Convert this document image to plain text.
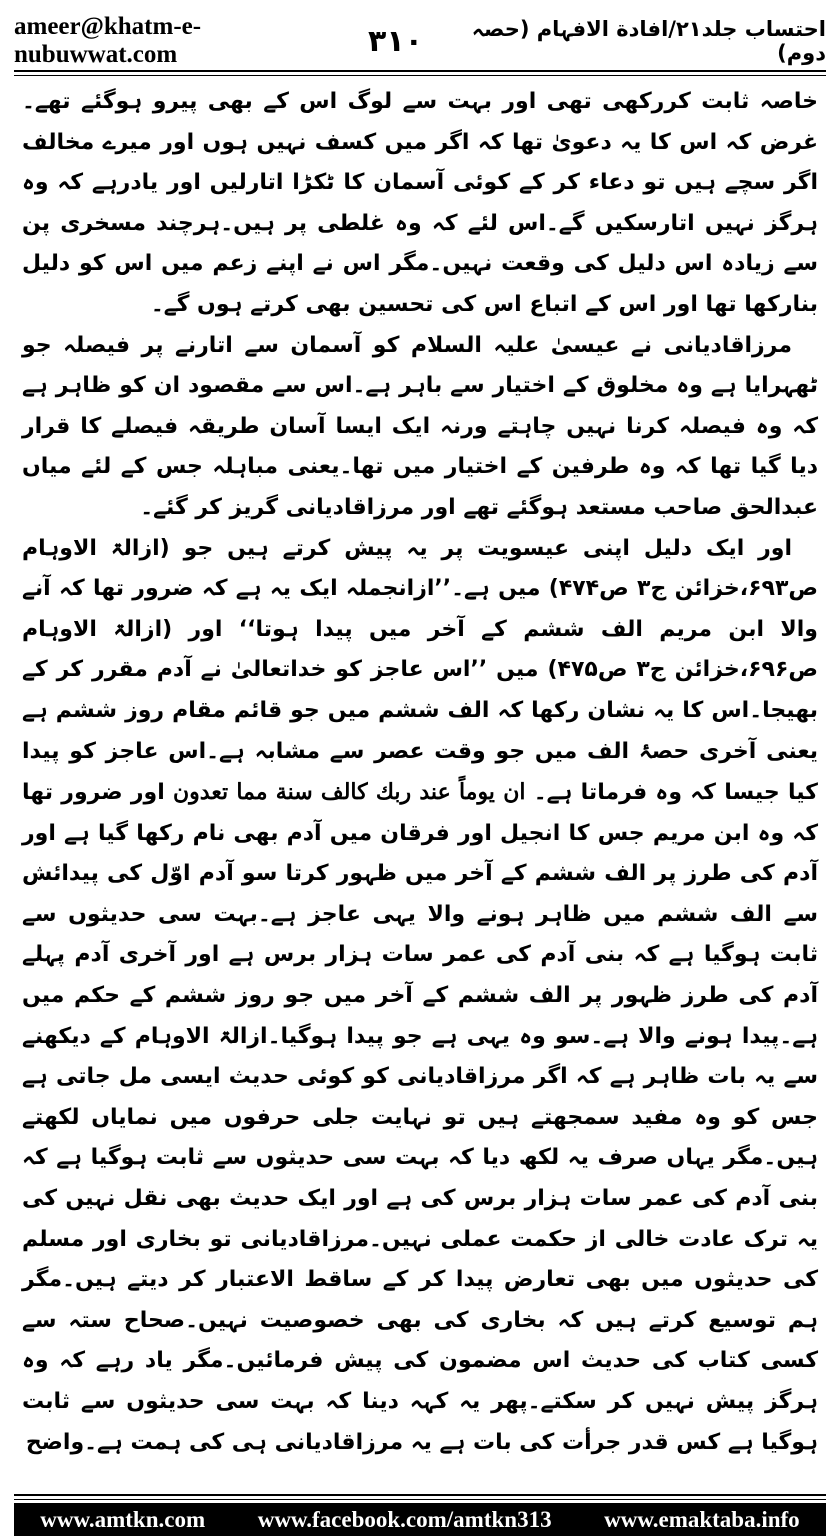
ameer@khatm-e-nubuwwat.com	۳۱۰	احتساب جلد۲۱/افادة الافہام (حصہ دوم)

خاصہ ثابت کررکھی تھی اور بہت سے لوگ اس کے بھی پیرو ہوگئے تھے۔غرض کہ اس کا یہ دعویٰ تھا کہ اگر میں کسف نہیں ہوں اور میرے مخالف اگر سچے ہیں تو دعاء کر کے کوئی آسمان کا ٹکڑا اتارلیں اور یادرہے کہ وہ ہرگز نہیں اتارسکیں گے۔اس لئے کہ وہ غلطی پر ہیں۔ہرچند مسخری پن سے زیادہ اس دلیل کی وقعت نہیں۔مگر اس نے اپنے زعم میں اس کو دلیل بنارکھا تھا اور اس کے اتباع اس کی تحسین بھی کرتے ہوں گے۔

مرزاقادیانی نے عیسیٰ علیہ السلام کو آسمان سے اتارنے پر فیصلہ جو ٹھہرایا ہے وہ مخلوق کے اختیار سے باہر ہے۔اس سے مقصود ان کو ظاہر ہے کہ وہ فیصلہ کرنا نہیں چاہتے ورنہ ایک ایسا آسان طریقہ فیصلے کا قرار دیا گیا تھا کہ وہ طرفین کے اختیار میں تھا۔یعنی مباہلہ جس کے لئے میاں عبدالحق صاحب مستعد ہوگئے تھے اور مرزاقادیانی گریز کر گئے۔

اور ایک دلیل اپنی عیسویت پر یہ پیش کرتے ہیں جو (ازالۃ الاوہام ص۶۹۳،خزائن ج۳ ص۴۷۴) میں ہے۔’’ازانجملہ ایک یہ ہے کہ ضرور تھا کہ آنے والا ابن مریم الف ششم کے آخر میں پیدا ہوتا‘‘ اور (ازالۃ الاوہام ص۶۹۶،خزائن ج۳ ص۴۷۵) میں ’’اس عاجز کو خداتعالیٰ نے آدم مقرر کر کے بھیجا۔اس کا یہ نشان رکھا کہ الف ششم میں جو قائم مقام روز ششم ہے یعنی آخری حصۂ الف میں جو وقت عصر سے مشابہ ہے۔اس عاجز کو پیدا کیا جیسا کہ وہ فرماتا ہے۔ ان یوماً عند ربك كالف سنة مما تعدون اور ضرور تھا کہ وہ ابن مریم جس کا انجیل اور فرقان میں آدم بھی نام رکھا گیا ہے اور آدم کی طرز پر الف ششم کے آخر میں ظہور کرتا سو آدم اوّل کی پیدائش سے الف ششم میں ظاہر ہونے والا یہی عاجز ہے۔بہت سی حدیثوں سے ثابت ہوگیا ہے کہ بنی آدم کی عمر سات ہزار برس ہے اور آخری آدم پہلے آدم کی طرز ظہور پر الف ششم کے آخر میں جو روز ششم کے حکم میں ہے۔پیدا ہونے والا ہے۔سو وہ یہی ہے جو پیدا ہوگیا۔ازالۃ الاوہام کے دیکھنے سے یہ بات ظاہر ہے کہ اگر مرزاقادیانی کو کوئی حدیث ایسی مل جاتی ہے جس کو وہ مفید سمجھتے ہیں تو نہایت جلی حرفوں میں نمایاں لکھتے ہیں۔مگر یہاں صرف یہ لکھ دیا کہ بہت سی حدیثوں سے ثابت ہوگیا ہے کہ بنی آدم کی عمر سات ہزار برس کی ہے اور ایک حدیث بھی نقل نہیں کی یہ ترک عادت خالی از حکمت عملی نہیں۔مرزاقادیانی تو بخاری اور مسلم کی حدیثوں میں بھی تعارض پیدا کر کے ساقط الاعتبار کر دیتے ہیں۔مگر ہم توسیع کرتے ہیں کہ بخاری کی بھی خصوصیت نہیں۔صحاح ستہ سے کسی کتاب کی حدیث اس مضمون کی پیش فرمائیں۔مگر یاد رہے کہ وہ ہرگز پیش نہیں کر سکتے۔پھر یہ کہہ دینا کہ بہت سی حدیثوں سے ثابت ہوگیا ہے کس قدر جرأت کی بات ہے یہ مرزاقادیانی ہی کی ہمت ہے۔واضح

www.amtkn.com www.facebook.com/amtkn313 www.emaktaba.info
